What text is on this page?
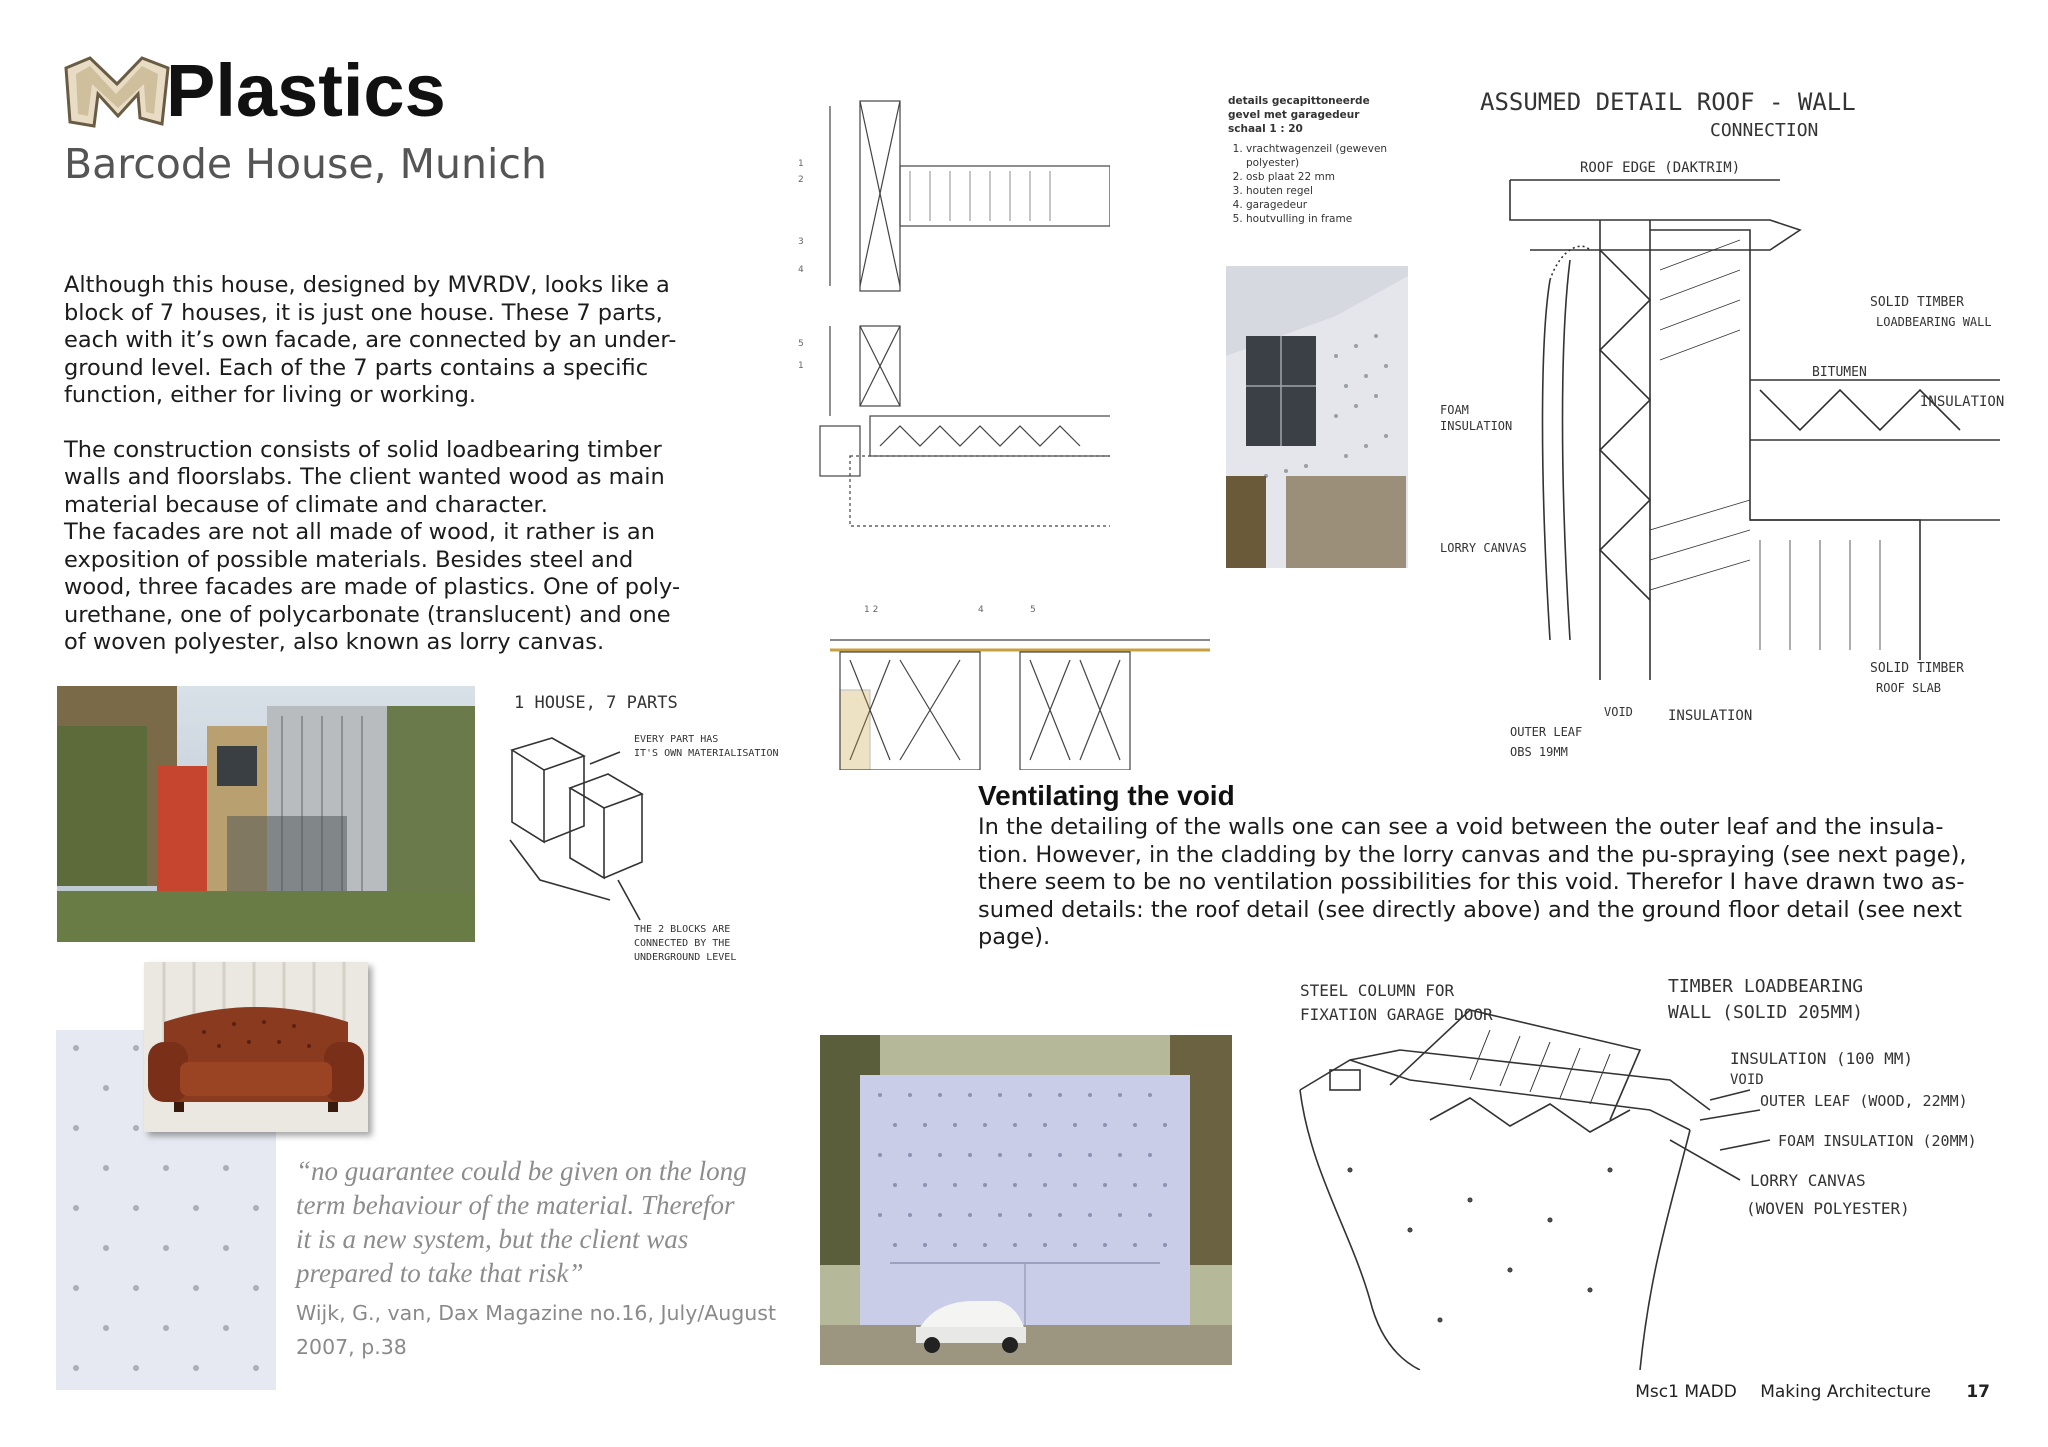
Plastics
Barcode House, Munich

Although this house, designed by MVRDV, looks like a

block of 7 houses, it is just one house. These 7 parts,

each with it’s own facade, are connected by an under-

ground level. Each of the 7 parts contains a specific

function, either for living or working.

The construction consists of solid loadbearing timber

walls and floorslabs. The client wanted wood as main

material because of climate and character.

The facades are not all made of wood, it rather is an

exposition of possible materials. Besides steel and

wood, three facades are made of plastics. One of poly-

urethane, one of polycarbonate (translucent) and one

of woven polyester, also known as lorry canvas.

1 HOUSE, 7 PARTS
EVERY PART HAS
IT'S OWN MATERIALISATION
THE 2 BLOCKS ARE
CONNECTED BY THE
UNDERGROUND LEVEL
1
2
3
4
5
1
1 2	4	5
details gecapittoneerde
gevel met garagedeur
schaal 1 : 20
1. vrachtwagenzeil (geweven polyester)
2. osb plaat 22 mm
3. houten regel
4. garagedeur
5. houtvulling in frame
ASSUMED DETAIL ROOF - WALL
CONNECTION
ROOF EDGE (DAKTRIM)
SOLID TIMBER
LOADBEARING WALL
BITUMEN
INSULATION
FOAM
INSULATION
LORRY CANVAS
VOID	INSULATION
OUTER LEAF
OBS 19MM
SOLID TIMBER
ROOF SLAB
Ventilating the void
In the detailing of the walls one can see a void between the outer leaf and the insula-
tion. However, in the cladding by the lorry canvas and the pu-spraying (see next page),
there seem to be no ventilation possibilities for this void. Therefor I have drawn two as-
sumed details: the roof detail (see directly above) and the ground floor detail (see next
page).
“no guarantee could be given on the long
term behaviour of the material. Therefor
it is a new system, but the client was
prepared to take that risk”
Wijk, G., van, Dax Magazine no.16, July/August
2007, p.38
STEEL COLUMN FOR
FIXATION GARAGE DOOR
TIMBER LOADBEARING
WALL (SOLID 205MM)
INSULATION (100 MM)
VOID
OUTER LEAF (WOOD, 22MM)
FOAM INSULATION (20MM)
LORRY CANVAS
(WOVEN POLYESTER)
Msc1 MADD Making Architecture 17
